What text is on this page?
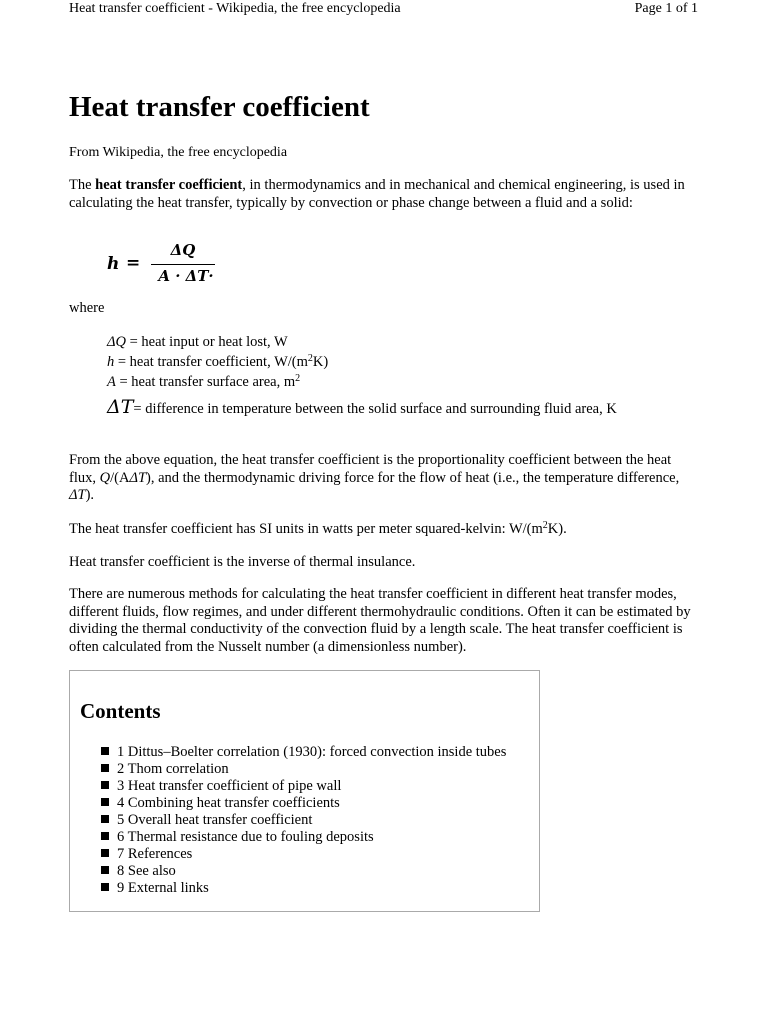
Heat transfer coefficient - Wikipedia, the free encyclopedia	Page 1 of 1
Heat transfer coefficient

From Wikipedia, the free encyclopedia

The heat transfer coefficient, in thermodynamics and in mechanical and chemical engineering, is used in calculating the heat transfer, typically by convection or phase change between a fluid and a solid:

h =
ΔQ
A · ΔT·

where

ΔQ = heat input or heat lost, W
h = heat transfer coefficient, $W/(m^2K)$
A = heat transfer surface area, $m^2$
ΔT= difference in temperature between the solid surface and surrounding fluid area, K

From the above equation, the heat transfer coefficient is the proportionality coefficient between the heat flux, Q/(AΔT), and the thermodynamic driving force for the flow of heat (i.e., the temperature difference, ΔT).

The heat transfer coefficient has SI units in watts per meter squared-kelvin: $W/(m^2K)$.

Heat transfer coefficient is the inverse of thermal insulance.

There are numerous methods for calculating the heat transfer coefficient in different heat transfer modes, different fluids, flow regimes, and under different thermohydraulic conditions. Often it can be estimated by dividing the thermal conductivity of the convection fluid by a length scale. The heat transfer coefficient is often calculated from the Nusselt number (a dimensionless number).

Contents
1 Dittus–Boelter correlation (1930): forced convection inside tubes
2 Thom correlation
3 Heat transfer coefficient of pipe wall
4 Combining heat transfer coefficients
5 Overall heat transfer coefficient
6 Thermal resistance due to fouling deposits
7 References
8 See also
9 External links
